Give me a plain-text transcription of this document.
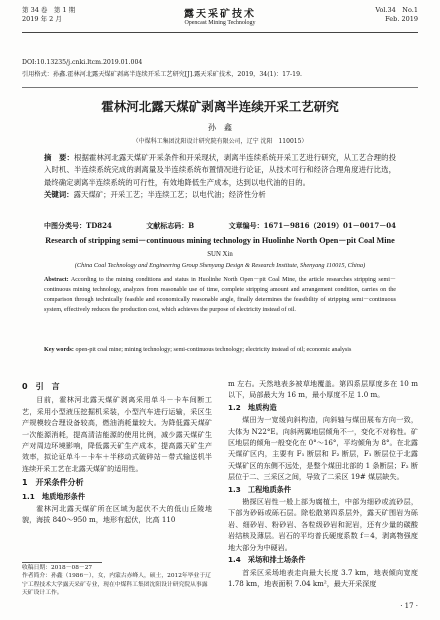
第 34 卷　第 1 期
2019 年 2 月	露天采矿技术
Opencast Mining Technology
Vol.34　No.1
Feb. 2019
DOI:10.13235/j.cnki.ltcm.2019.01.004
引用格式：孙鑫.霍林河北露天煤矿剥离半连续开采工艺研究[J].露天采矿技术，2019，34(1)：17-19.
霍林河北露天煤矿剥离半连续开采工艺研究
孙　鑫
（中煤科工集团沈阳设计研究院有限公司，辽宁 沈阳　110015）
摘　要：根据霍林河北露天煤矿开采条件和开采现状，剥离半连续系统开采工艺进行研究，从工艺合理的投入时机、半连续系统完成的剥离量及半连续系统布置情况进行论证，从技术可行和经济合理角度进行比选，最终确定剥离半连续系统的可行性，有效地降低生产成本，达到以电代油的目的。
关键词：露天煤矿；开采工艺；半连续工艺；以电代油；经济性分析
中图分类号：TD824	文献标志码：B	文章编号：1671－9816（2019）01－0017－04
Research of stripping semi－continuous mining technology in Huolinhe North Open－pit Coal Mine
SUN Xin
(China Coal Technology and Engineering Group Shenyang Design & Research Institute, Shenyang 110015, China)
Abstract: According to the mining conditions and status in Huolinhe North Open－pit Coal Mine, the article researches stripping semi－continuous mining technology, analyzes from reasonable use of time, complete stripping amount and arrangement condition, carries on the comparison through technically feasible and economically reasonable angle, finally determines the feasibility of stripping semi－continuous system, effectively reduces the production cost, which achieves the purpose of electricity instead of oil.
Key words: open-pit coal mine; mining technology; semi-continuous technology; electricity instead of oil; economic analysis
0　引　言

目前，霍林河北露天煤矿剥离采用单斗－卡车间断工艺，采用小型液压挖掘机采装，小型汽车进行运输，采区生产规模较合理设备较高，燃油消耗量较大。为降低露天煤矿一次能源消耗，提高清洁能源的使用比例，减少露天煤矿生产对周边环境影响，降低露天矿生产成本，提高露天矿生产效率，拟论证单斗－卡车＋半移动式破碎站－带式输送机半连续开采工艺在北露天煤矿的适用性。

1　开采条件分析
1.1　地质地形条件

霍林河北露天煤矿所在区域为起伏不大的低山丘陵地貌，海拔 840～950 m，地形有起伏，比高 110

收稿日期：2018－08－27
作者简介：孙鑫（1986－），女，内蒙古赤峰人，硕士，2012年毕业于辽宁工程技术大学露天采矿专业，现在中煤科工集团沈阳设计研究院从事露天矿设计工作。

m 左右。天然地表多被草地覆盖。第四系层厚度多在 10 m 以下，局部最大为 16 m，最小厚度不足 1.0 m。

1.2　地质构造

煤田为一宽缓向斜构造，向斜轴与煤田展布方向一致，大体为 N22°E。向斜两翼地层倾角不一，变化不对称性。矿区地层的倾角一般变化在 0°～16°，平均倾角为 8°。在北露天煤矿区内，主要有 F₁ 断层和 F₂ 断层，F₁ 断层位于北露天煤矿区的东侧不远处，是整个煤田北部的 1 条断层；F₂ 断层位于二、三采区之间，导致了二采区 19# 煤层缺失。

1.3　工程地质条件

勘探区岩性一般上部为腐植土，中部为细砂或流砂层，下部为砂砾或砾石层。除松散第四系层外，露天矿围岩为砾岩、细砂岩、粉砂岩、各粒级砂岩和泥岩，还有少量的碳酸岩结核及薄层。岩石的平均普氏硬度系数 f＝4，剥离物强度地大部分为中硬岩。

1.4　采场和排土场条件

首采区采场地表走向最大长度 3.7 km，地表倾向宽度 1.78 km，地表面积 7.04 km²，最大开采深度

· 17 ·
